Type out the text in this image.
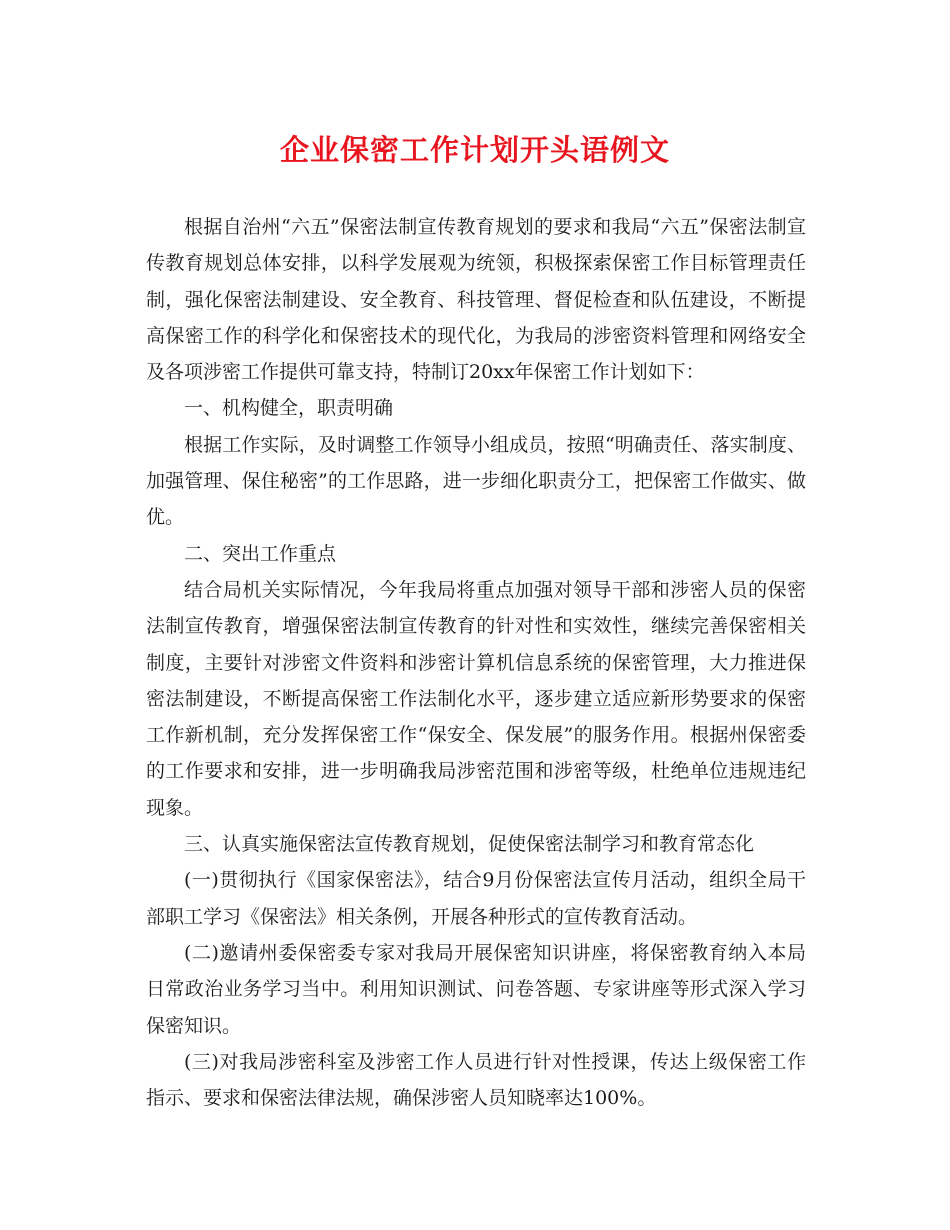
企业保密工作计划开头语例文

根据自治州“六五”保密法制宣传教育规划的要求和我局“六五”保密法制宣传教育规划总体安排，以科学发展观为统领，积极探索保密工作目标管理责任制，强化保密法制建设、安全教育、科技管理、督促检查和队伍建设，不断提高保密工作的科学化和保密技术的现代化，为我局的涉密资料管理和网络安全及各项涉密工作提供可靠支持，特制订20xx年保密工作计划如下：

一、机构健全，职责明确

根据工作实际，及时调整工作领导小组成员，按照“明确责任、落实制度、加强管理、保住秘密”的工作思路，进一步细化职责分工，把保密工作做实、做优。

二、突出工作重点

结合局机关实际情况，今年我局将重点加强对领导干部和涉密人员的保密法制宣传教育，增强保密法制宣传教育的针对性和实效性，继续完善保密相关制度，主要针对涉密文件资料和涉密计算机信息系统的保密管理，大力推进保密法制建设，不断提高保密工作法制化水平，逐步建立适应新形势要求的保密工作新机制，充分发挥保密工作“保安全、保发展”的服务作用。根据州保密委的工作要求和安排，进一步明确我局涉密范围和涉密等级，杜绝单位违规违纪现象。

三、认真实施保密法宣传教育规划，促使保密法制学习和教育常态化

(一)贯彻执行《国家保密法》，结合9月份保密法宣传月活动，组织全局干部职工学习《保密法》相关条例，开展各种形式的宣传教育活动。

(二)邀请州委保密委专家对我局开展保密知识讲座，将保密教育纳入本局日常政治业务学习当中。利用知识测试、问卷答题、专家讲座等形式深入学习保密知识。

(三)对我局涉密科室及涉密工作人员进行针对性授课，传达上级保密工作指示、要求和保密法律法规，确保涉密人员知晓率达100%。
